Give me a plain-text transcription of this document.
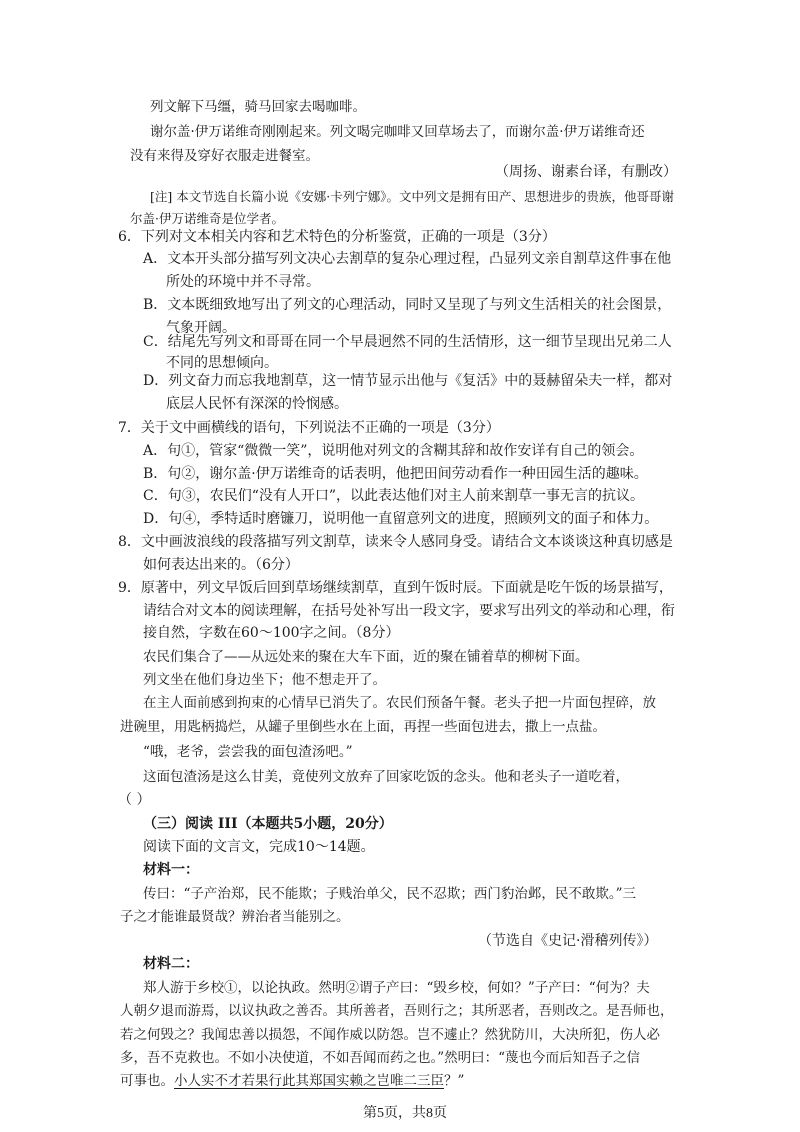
列文解下马缰，骑马回家去喝咖啡。
谢尔盖·伊万诺维奇刚刚起来。列文喝完咖啡又回草场去了，而谢尔盖·伊万诺维奇还
没有来得及穿好衣服走进餐室。
（周扬、谢素台译，有删改）
[注] 本文节选自长篇小说《安娜·卡列宁娜》。文中列文是拥有田产、思想进步的贵族，他哥哥谢
尔盖·伊万诺维奇是位学者。
6．下列对文本相关内容和艺术特色的分析鉴赏，正确的一项是（3分）
A．文本开头部分描写列文决心去割草的复杂心理过程，凸显列文亲自割草这件事在他
所处的环境中并不寻常。
B．文本既细致地写出了列文的心理活动，同时又呈现了与列文生活相关的社会图景，
气象开阔。
C．结尾先写列文和哥哥在同一个早晨迥然不同的生活情形，这一细节呈现出兄弟二人
不同的思想倾向。
D．列文奋力而忘我地割草，这一情节显示出他与《复活》中的聂赫留朵夫一样，都对
底层人民怀有深深的怜悯感。
7．关于文中画横线的语句，下列说法不正确的一项是（3分）
A．句①，管家“微微一笑”，说明他对列文的含糊其辞和故作安详有自己的领会。
B．句②，谢尔盖·伊万诺维奇的话表明，他把田间劳动看作一种田园生活的趣味。
C．句③，农民们“没有人开口”，以此表达他们对主人前来割草一事无言的抗议。
D．句④，季特适时磨镰刀，说明他一直留意列文的进度，照顾列文的面子和体力。
8．文中画波浪线的段落描写列文割草，读来令人感同身受。请结合文本谈谈这种真切感是
如何表达出来的。（6分）
9．原著中，列文早饭后回到草场继续割草，直到午饭时辰。下面就是吃午饭的场景描写，
请结合对文本的阅读理解，在括号处补写出一段文字，要求写出列文的举动和心理，衔
接自然，字数在60～100字之间。（8分）
农民们集合了——从远处来的聚在大车下面，近的聚在铺着草的柳树下面。
列文坐在他们身边坐下；他不想走开了。
在主人面前感到拘束的心情早已消失了。农民们预备午餐。老头子把一片面包捏碎，放
进碗里，用匙柄捣烂，从罐子里倒些水在上面，再捏一些面包进去，撒上一点盐。
“哦，老爷，尝尝我的面包渣汤吧。”
这面包渣汤是这么甘美，竟使列文放弃了回家吃饭的念头。他和老头子一道吃着，
（ ）
（三）阅读 III（本题共5小题，20分）
阅读下面的文言文，完成10～14题。
材料一：
传曰：“子产治郑，民不能欺；子贱治单父，民不忍欺；西门豹治邺，民不敢欺。”三
子之才能谁最贤哉？辨治者当能别之。
（节选自《史记·滑稽列传》）
材料二：
郑人游于乡校①，以论执政。然明②谓子产曰：“毁乡校，何如？”子产曰：“何为？夫
人朝夕退而游焉，以议执政之善否。其所善者，吾则行之；其所恶者，吾则改之。是吾师也，
若之何毁之？我闻忠善以损怨，不闻作威以防怨。岂不遽止？然犹防川，大决所犯，伤人必
多，吾不克救也。不如小决使道，不如吾闻而药之也。”然明曰：“蔑也今而后知吾子之信
可事也。小人实不才若果行此其郑国实赖之岂唯二三臣？”
第5页，共8页
